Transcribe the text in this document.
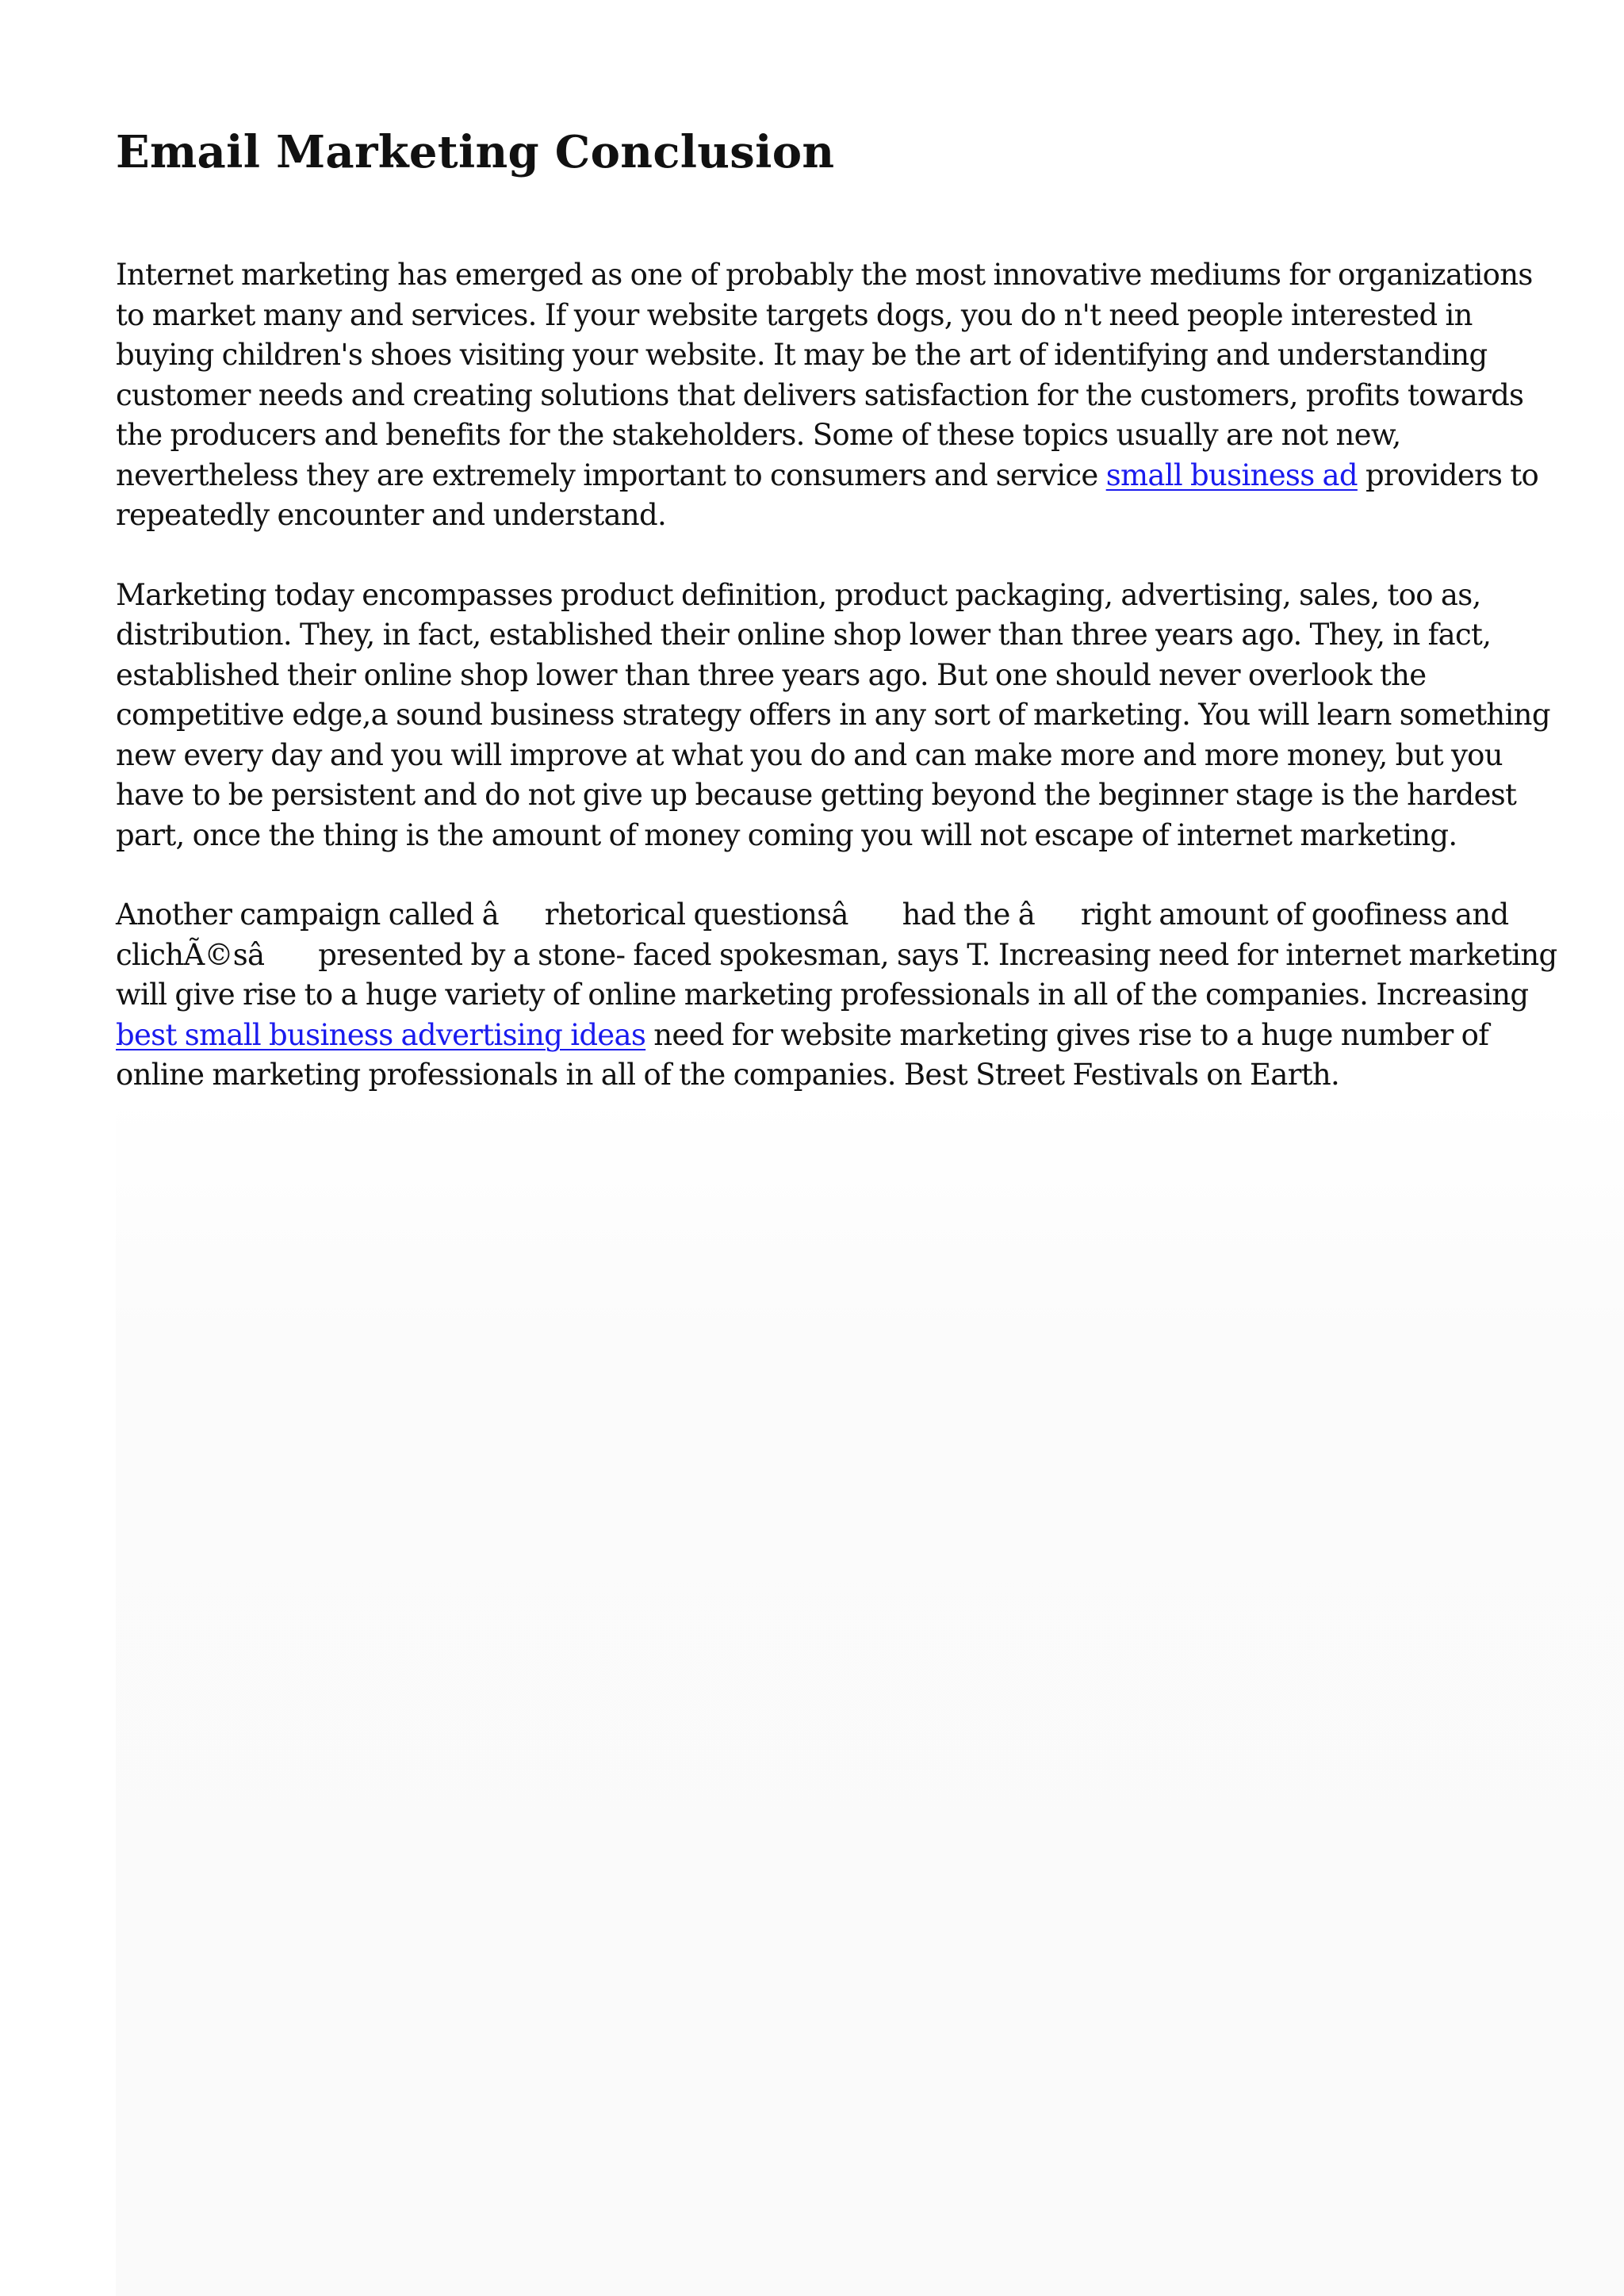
Email Marketing Conclusion

Internet marketing has emerged as one of probably the most innovative mediums for organizations
to market many and services. If your website targets dogs, you do n't need people interested in
buying children's shoes visiting your website. It may be the art of identifying and understanding
customer needs and creating solutions that delivers satisfaction for the customers, profits towards
the producers and benefits for the stakeholders. Some of these topics usually are not new,
nevertheless they are extremely important to consumers and service small business ad providers to
repeatedly encounter and understand.

Marketing today encompasses product definition, product packaging, advertising, sales, too as,
distribution. They, in fact, established their online shop lower than three years ago. They, in fact,
established their online shop lower than three years ago. But one should never overlook the
competitive edge,a sound business strategy offers in any sort of marketing. You will learn something
new every day and you will improve at what you do and can make more and more money, but you
have to be persistent and do not give up because getting beyond the beginner stage is the hardest
part, once the thing is the amount of money coming you will not escape of internet marketing.

Another campaign called ârhetorical questionsâ had the âright amount of goofiness and
clichÃ©sâ presented by a stone- faced spokesman, says T. Increasing need for internet marketing
will give rise to a huge variety of online marketing professionals in all of the companies. Increasing
best small business advertising ideas need for website marketing gives rise to a huge number of
online marketing professionals in all of the companies. Best Street Festivals on Earth.
